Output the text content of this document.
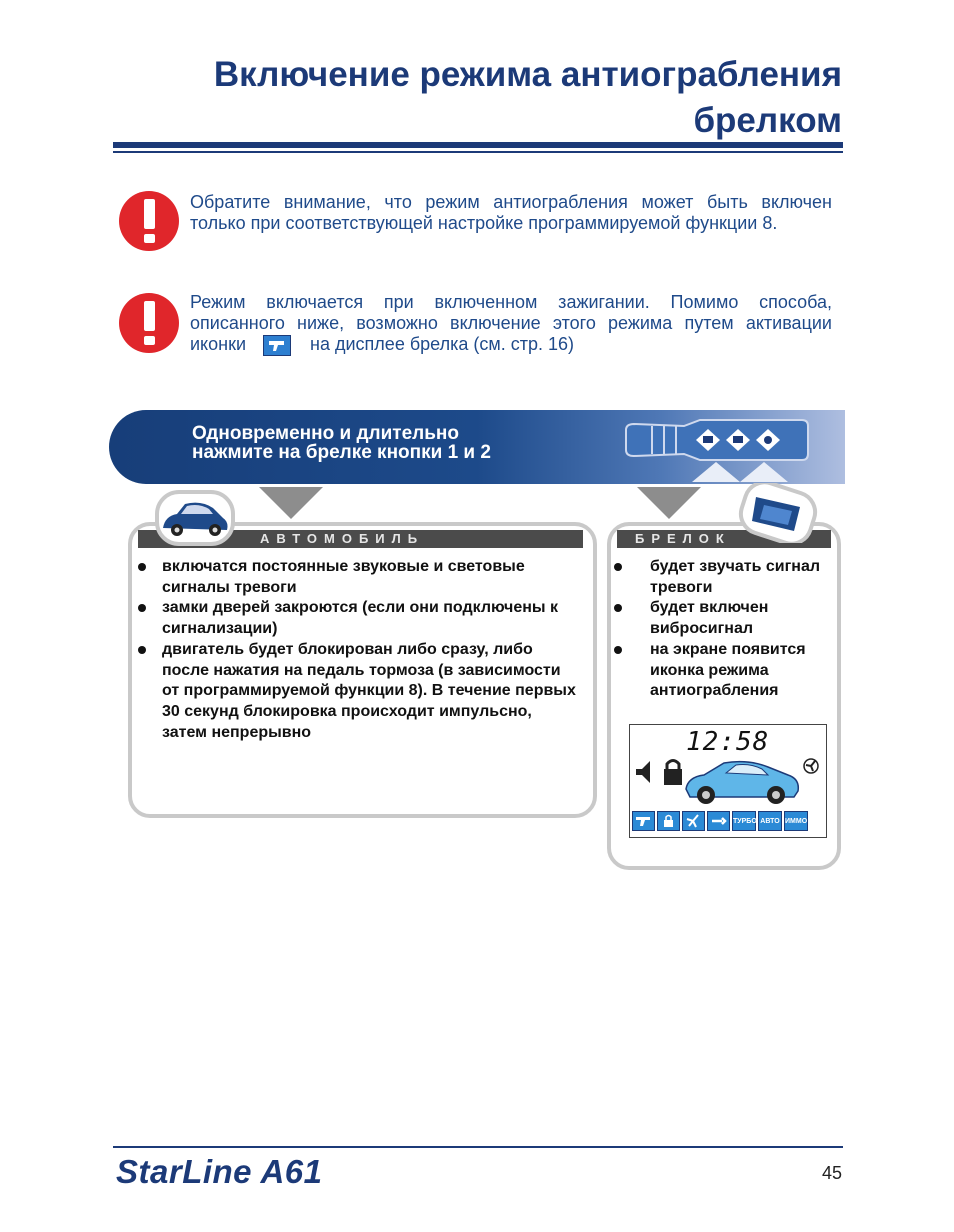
Включение режима антиограбления
брелком
Обратите внимание, что режим антиограбления может быть включен только при соответствующей настройке программируемой функции 8.
Режим включается при включенном зажигании. Помимо способа, описанного ниже, возможно включение этого режима путем активации иконки	на дисплее брелка (см. стр. 16)
Одновременно и длительно
нажмите на брелке кнопки 1 и 2
АВТОМОБИЛЬ
включатся постоянные звуковые и световые сигналы тревоги
замки дверей закроются (если они подключены к сигнализации)
двигатель будет блокирован либо сразу, либо после нажатия на педаль тормоза (в зависимости от программируемой функции 8). В течение первых 30 секунд блокировка происходит импульсно, затем непрерывно
БРЕЛОК
будет звучать сигнал тревоги
будет включен вибросигнал
на экране появится иконка режима антиограбления
12:58
ТУРБО АВТО ИММО
StarLine A61	45
